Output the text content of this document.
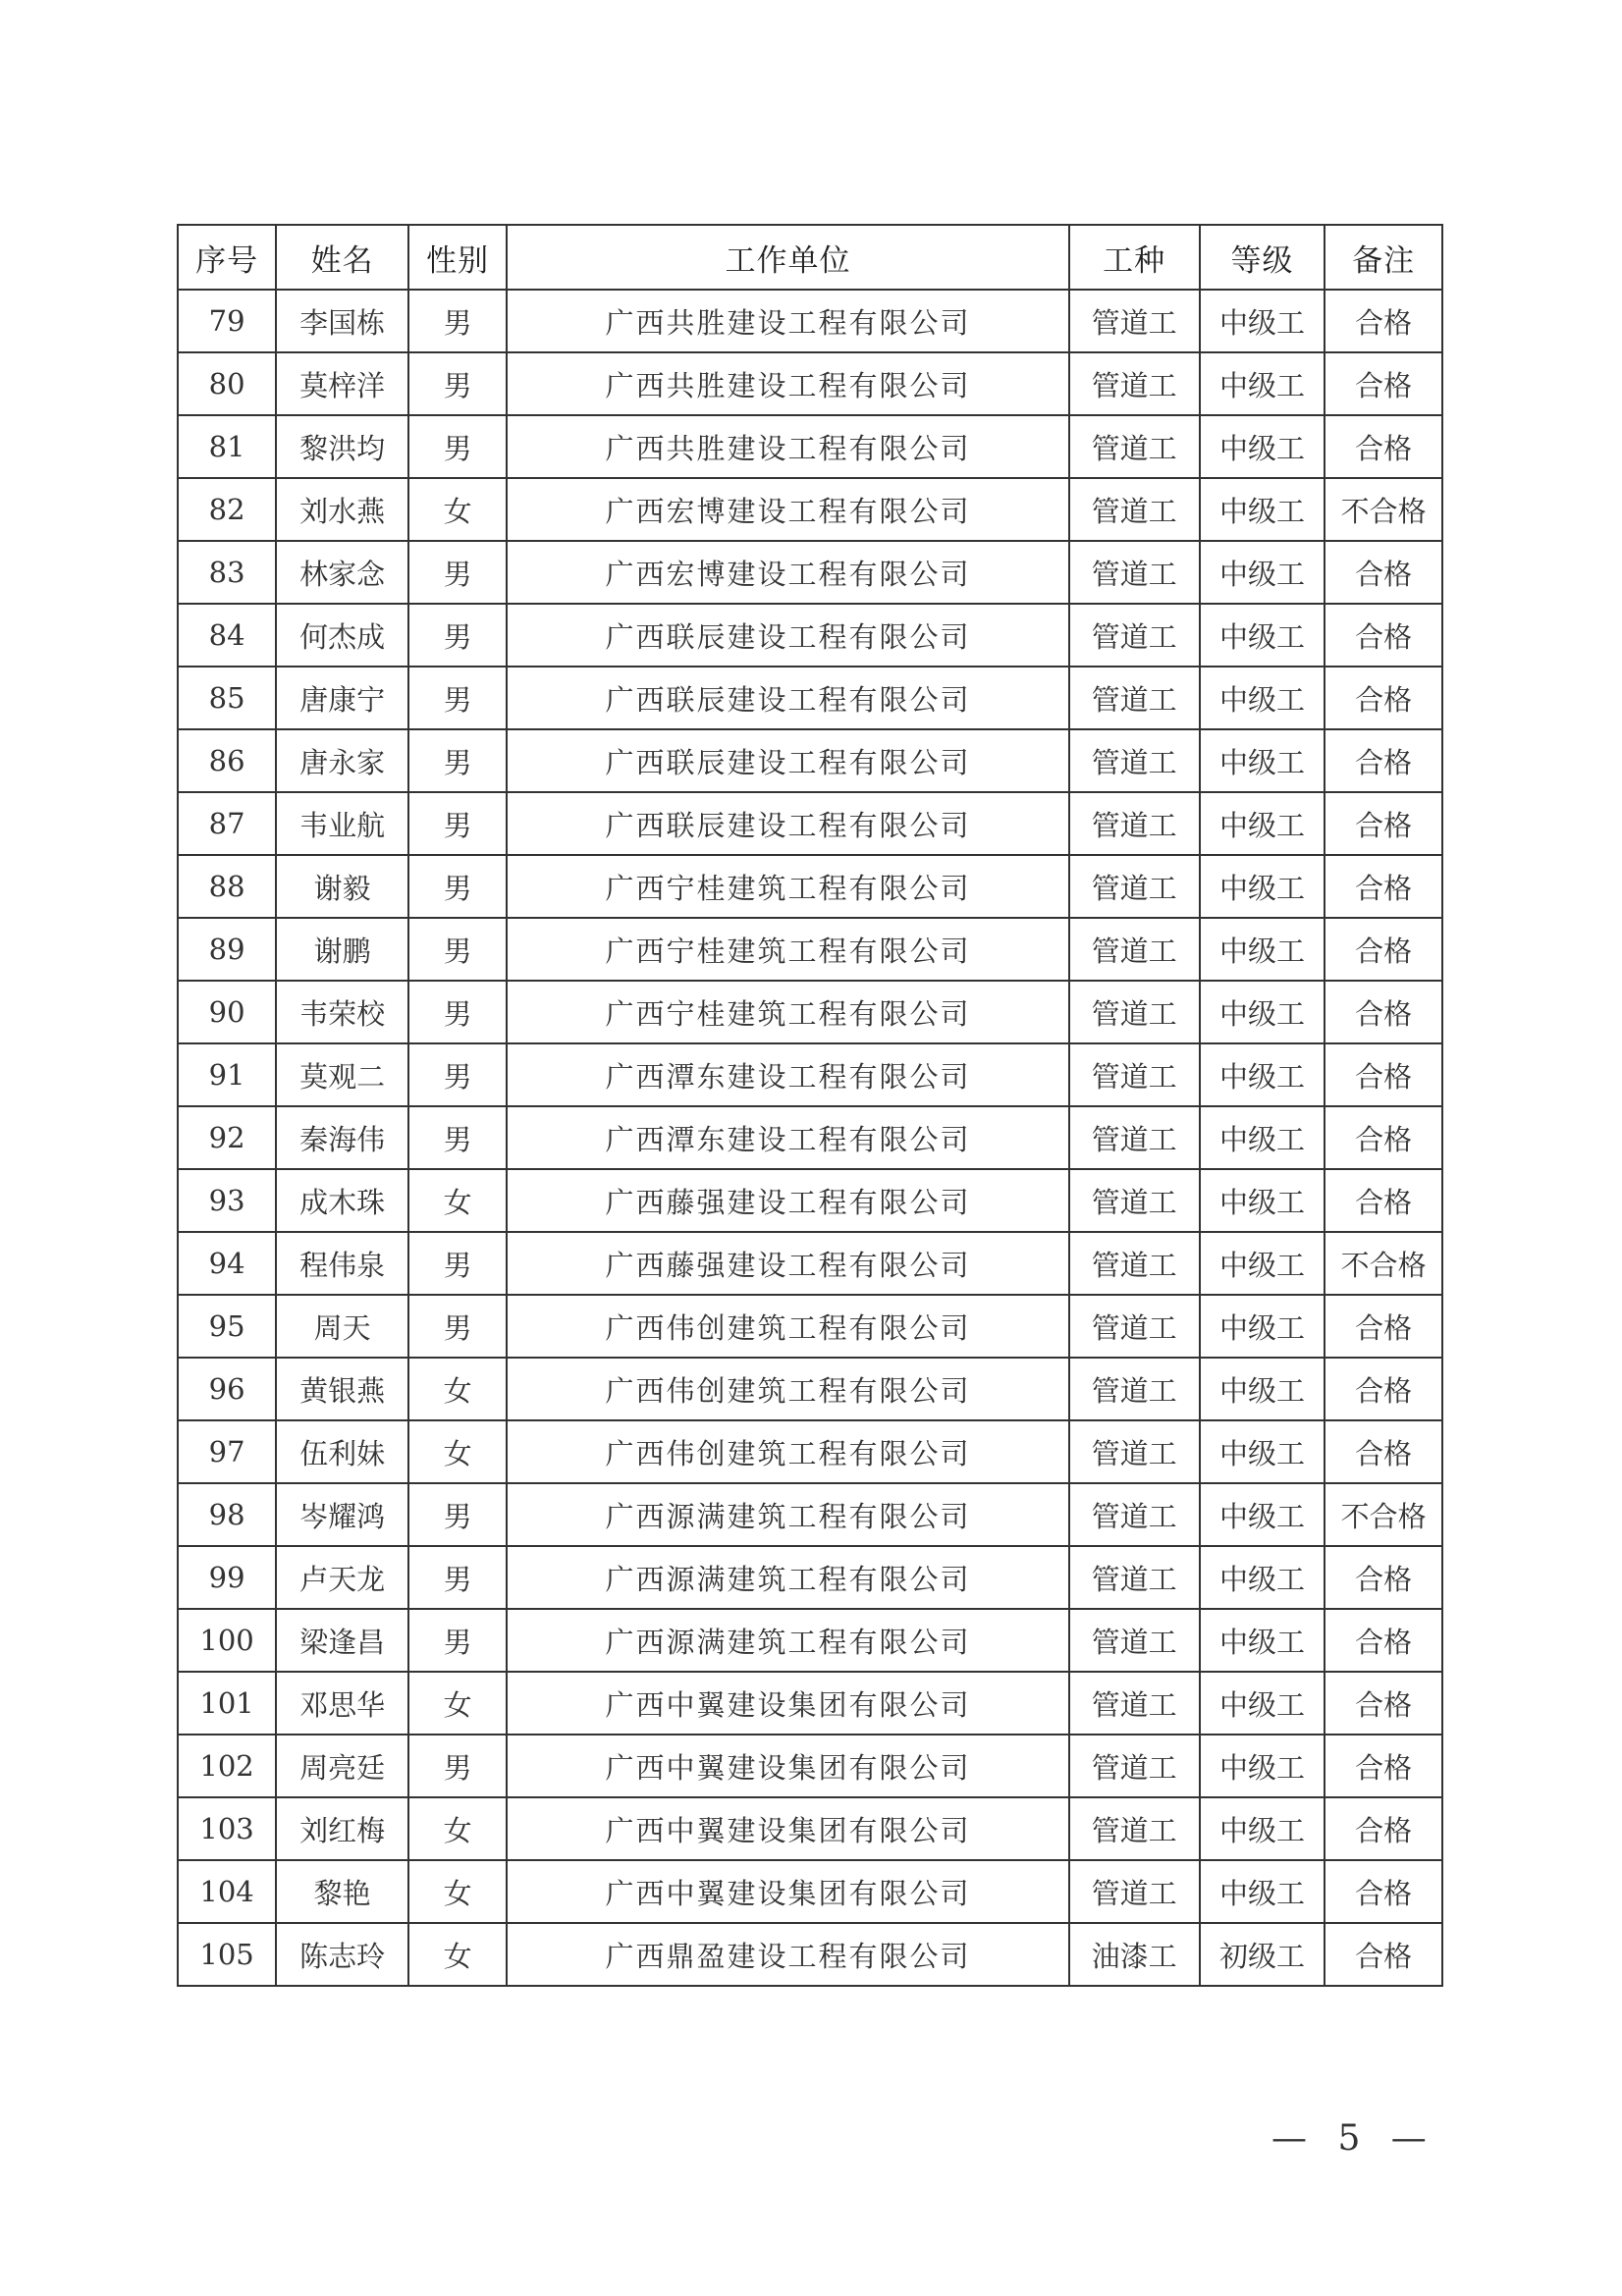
序号	姓名	性别	工作单位	工种	等级	备注
79	李国栋	男	广西共胜建设工程有限公司	管道工	中级工	合格
80	莫梓洋	男	广西共胜建设工程有限公司	管道工	中级工	合格
81	黎洪均	男	广西共胜建设工程有限公司	管道工	中级工	合格
82	刘水燕	女	广西宏博建设工程有限公司	管道工	中级工	不合格
83	林家念	男	广西宏博建设工程有限公司	管道工	中级工	合格
84	何杰成	男	广西联辰建设工程有限公司	管道工	中级工	合格
85	唐康宁	男	广西联辰建设工程有限公司	管道工	中级工	合格
86	唐永家	男	广西联辰建设工程有限公司	管道工	中级工	合格
87	韦业航	男	广西联辰建设工程有限公司	管道工	中级工	合格
88	谢毅	男	广西宁桂建筑工程有限公司	管道工	中级工	合格
89	谢鹏	男	广西宁桂建筑工程有限公司	管道工	中级工	合格
90	韦荣校	男	广西宁桂建筑工程有限公司	管道工	中级工	合格
91	莫观二	男	广西潭东建设工程有限公司	管道工	中级工	合格
92	秦海伟	男	广西潭东建设工程有限公司	管道工	中级工	合格
93	成木珠	女	广西藤强建设工程有限公司	管道工	中级工	合格
94	程伟泉	男	广西藤强建设工程有限公司	管道工	中级工	不合格
95	周天	男	广西伟创建筑工程有限公司	管道工	中级工	合格
96	黄银燕	女	广西伟创建筑工程有限公司	管道工	中级工	合格
97	伍利妹	女	广西伟创建筑工程有限公司	管道工	中级工	合格
98	岑耀鸿	男	广西源满建筑工程有限公司	管道工	中级工	不合格
99	卢天龙	男	广西源满建筑工程有限公司	管道工	中级工	合格
100	梁逢昌	男	广西源满建筑工程有限公司	管道工	中级工	合格
101	邓思华	女	广西中翼建设集团有限公司	管道工	中级工	合格
102	周亮廷	男	广西中翼建设集团有限公司	管道工	中级工	合格
103	刘红梅	女	广西中翼建设集团有限公司	管道工	中级工	合格
104	黎艳	女	广西中翼建设集团有限公司	管道工	中级工	合格
105	陈志玲	女	广西鼎盈建设工程有限公司	油漆工	初级工	合格
— 5 —
